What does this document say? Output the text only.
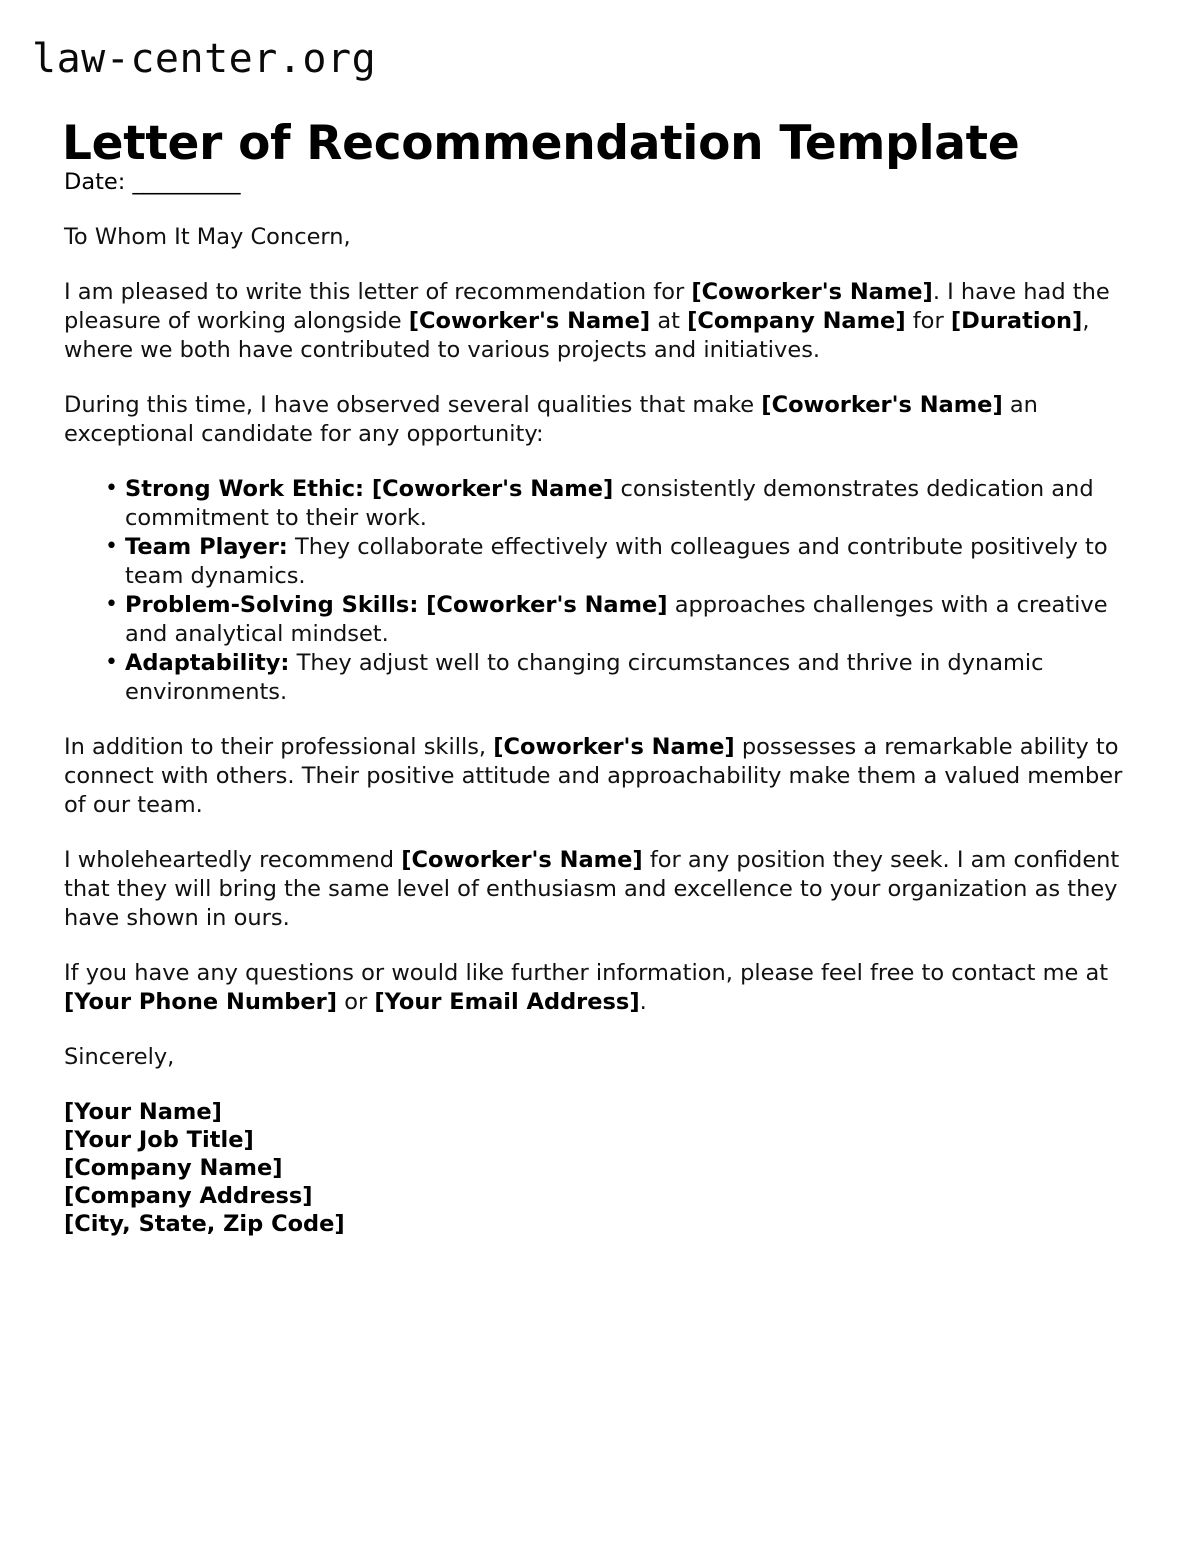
law-center.org
Letter of Recommendation Template

Date: __________

To Whom It May Concern,

I am pleased to write this letter of recommendation for [Coworker's Name]. I have had the pleasure of working alongside [Coworker's Name] at [Company Name] for [Duration], where we both have contributed to various projects and initiatives.

During this time, I have observed several qualities that make [Coworker's Name] an exceptional candidate for any opportunity:

• Strong Work Ethic: [Coworker's Name] consistently demonstrates dedication and commitment to their work.
• Team Player: They collaborate effectively with colleagues and contribute positively to team dynamics.
• Problem-Solving Skills: [Coworker's Name] approaches challenges with a creative and analytical mindset.
• Adaptability: They adjust well to changing circumstances and thrive in dynamic environments.

In addition to their professional skills, [Coworker's Name] possesses a remarkable ability to connect with others. Their positive attitude and approachability make them a valued member of our team.

I wholeheartedly recommend [Coworker's Name] for any position they seek. I am confident that they will bring the same level of enthusiasm and excellence to your organization as they have shown in ours.

If you have any questions or would like further information, please feel free to contact me at [Your Phone Number] or [Your Email Address].

Sincerely,

[Your Name]
[Your Job Title]
[Company Name]
[Company Address]
[City, State, Zip Code]
